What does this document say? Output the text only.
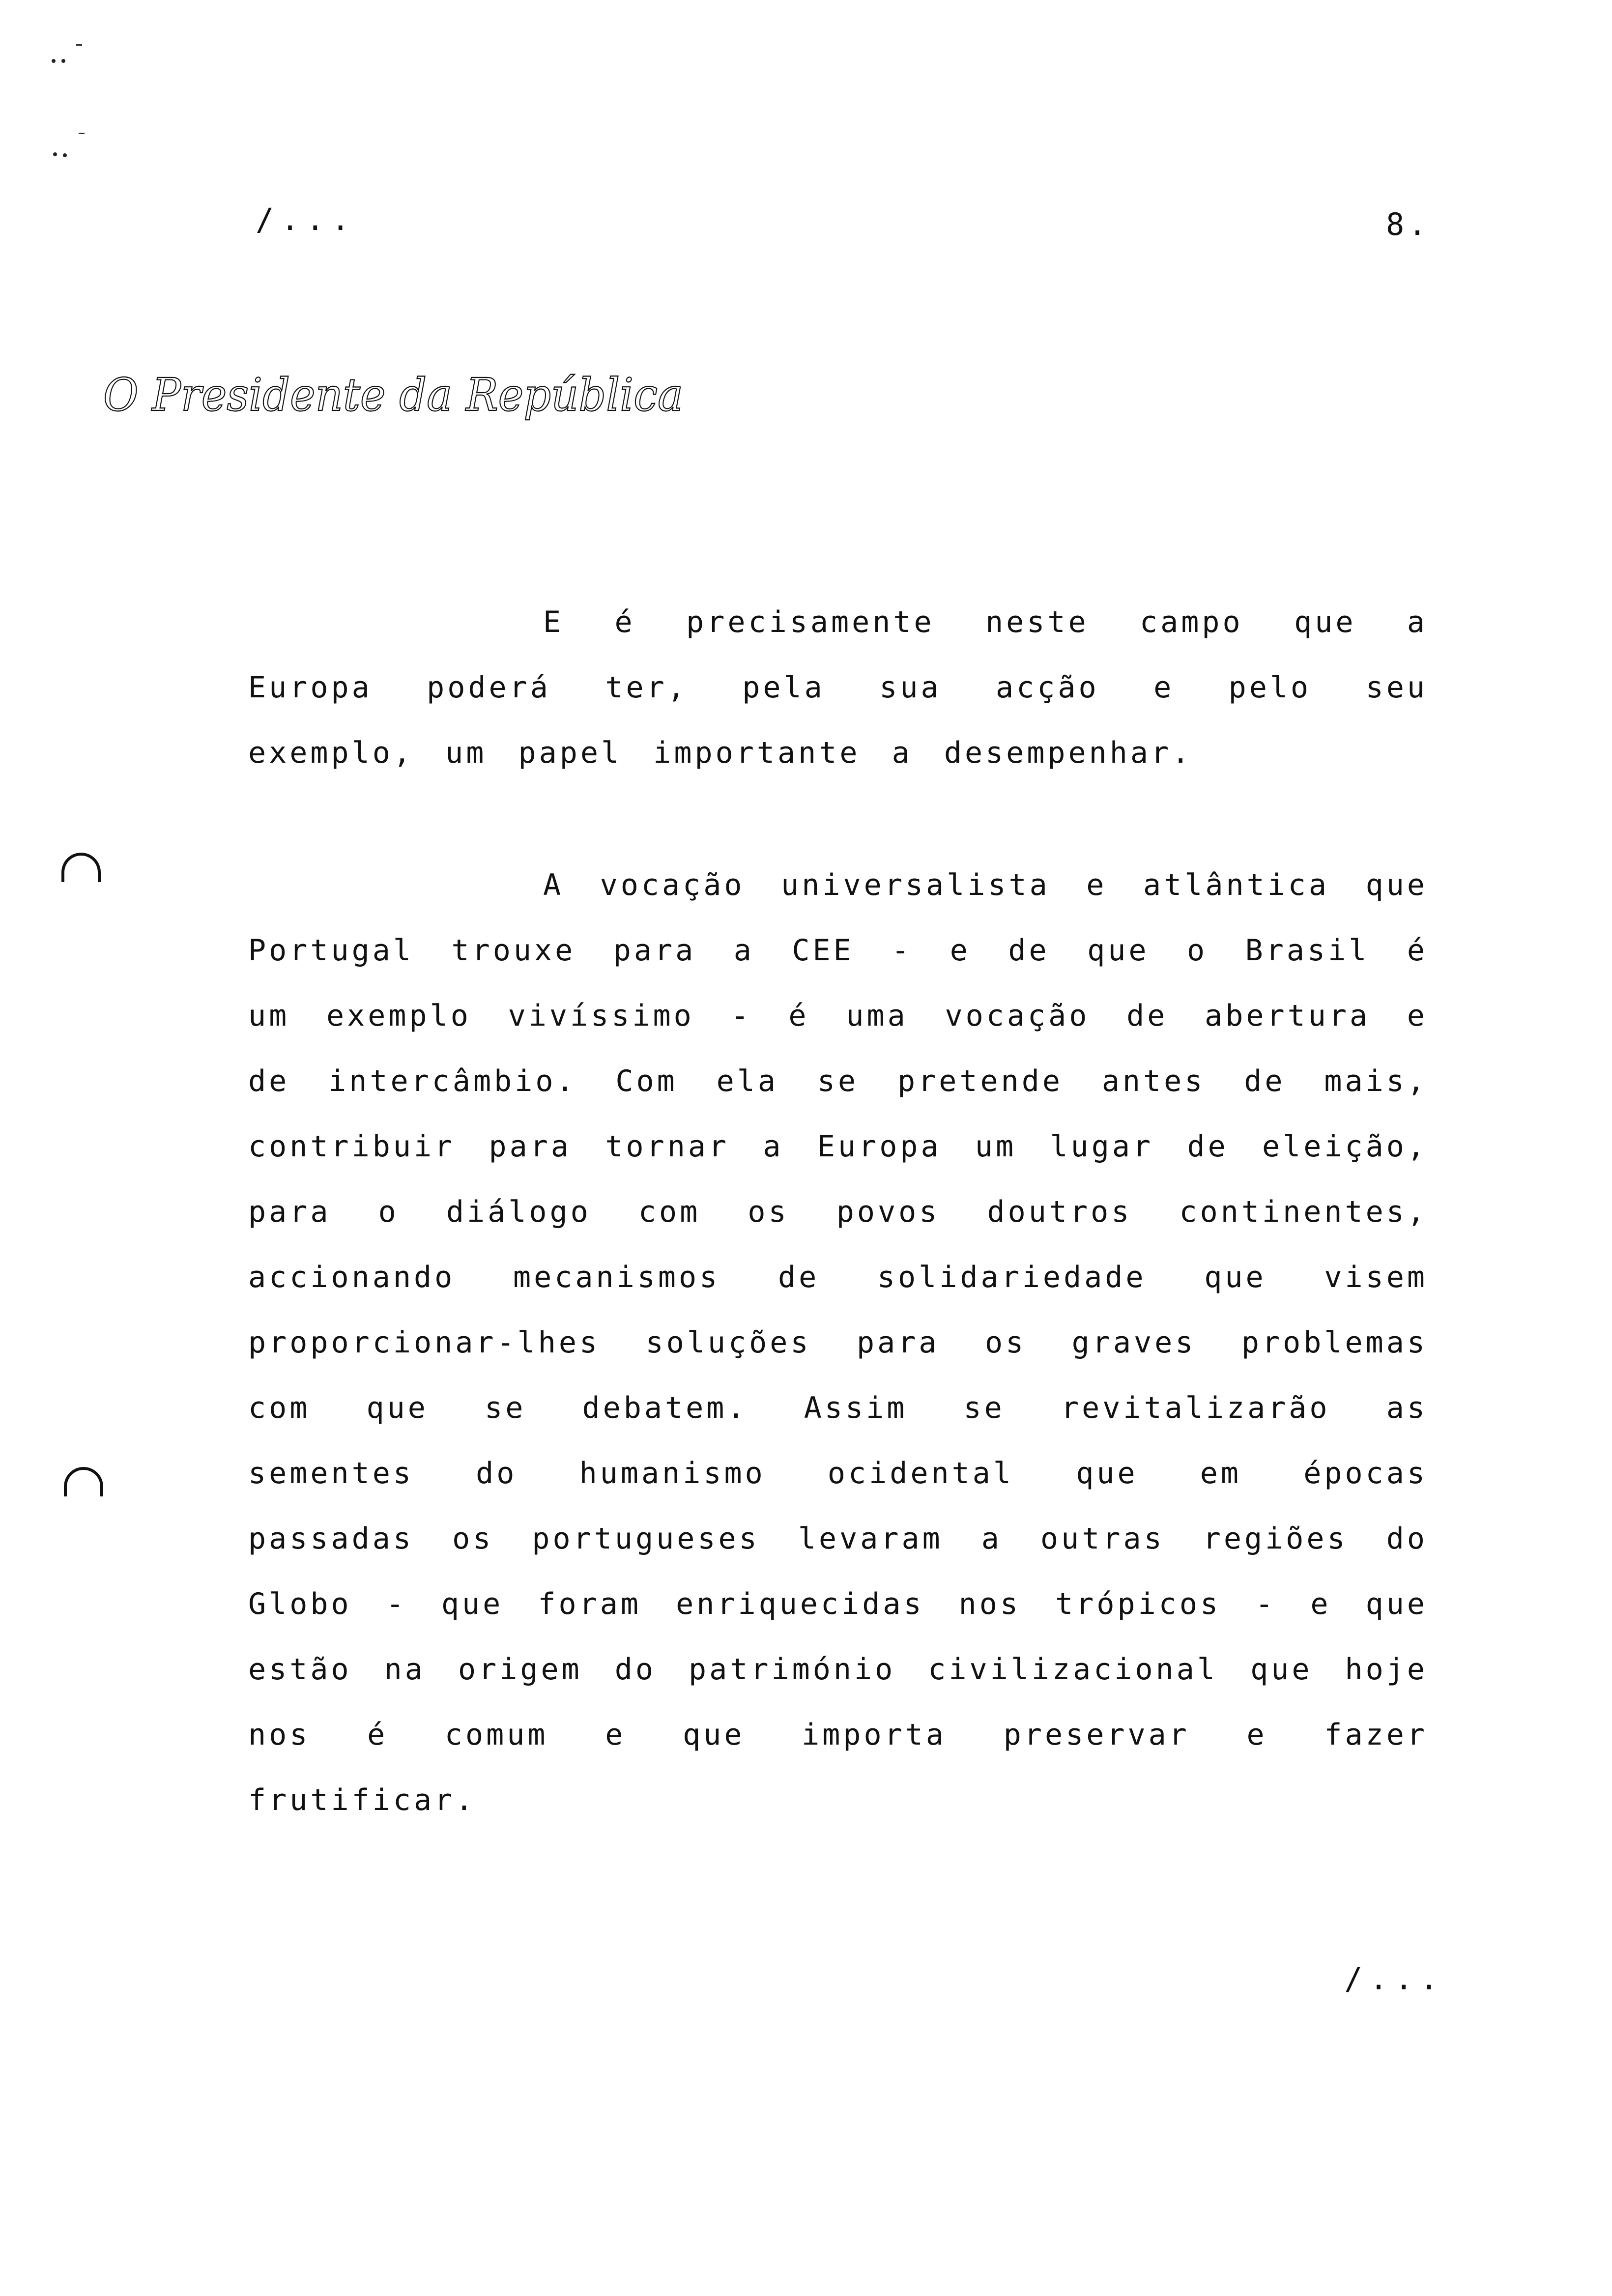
/...	8.
O Presidente da República
E é precisamente neste campo que a Europa poderá ter, pela sua acção e pelo seu exemplo, um papel importante a desempenhar.
A vocação universalista e atlântica que Portugal trouxe para a CEE - e de que o Brasil é um exemplo vivíssimo - é uma vocação de abertura e de intercâmbio. Com ela se pretende antes de mais, contribuir para tornar a Europa um lugar de eleição, para o diálogo com os povos doutros continentes, accionando mecanismos de solidariedade que visem proporcionar-lhes soluções para os graves problemas com que se debatem. Assim se revitalizarão as sementes do humanismo ocidental que em épocas passadas os portugueses levaram a outras regiões do Globo - que foram enriquecidas nos trópicos - e que estão na origem do património civilizacional que hoje nos é comum e que importa preservar e fazer frutificar.
/...
